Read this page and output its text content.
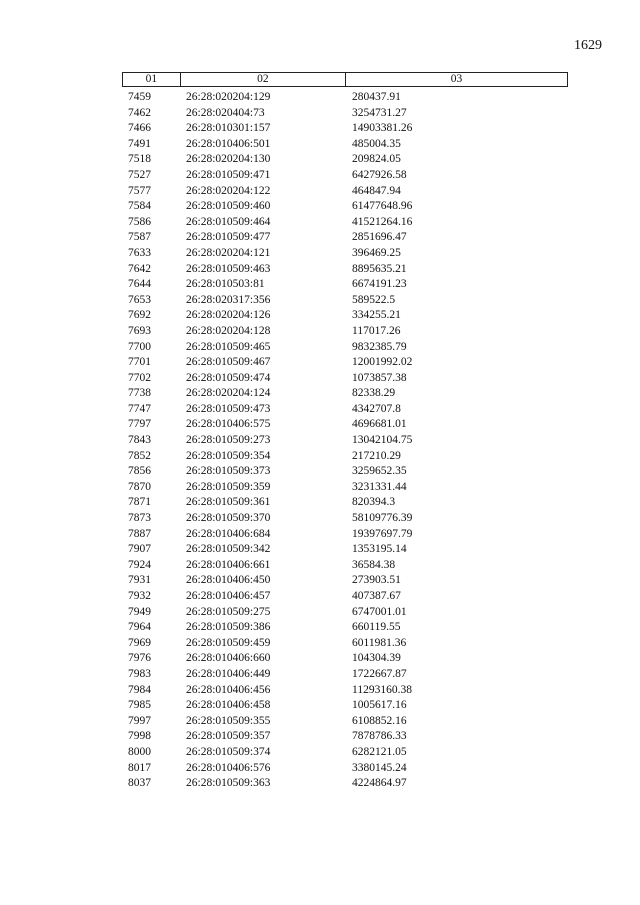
1629
01	02	03
7459	26:28:020204:129	280437.91
7462	26:28:020404:73	3254731.27
7466	26:28:010301:157	14903381.26
7491	26:28:010406:501	485004.35
7518	26:28:020204:130	209824.05
7527	26:28:010509:471	6427926.58
7577	26:28:020204:122	464847.94
7584	26:28:010509:460	61477648.96
7586	26:28:010509:464	41521264.16
7587	26:28:010509:477	2851696.47
7633	26:28:020204:121	396469.25
7642	26:28:010509:463	8895635.21
7644	26:28:010503:81	6674191.23
7653	26:28:020317:356	589522.5
7692	26:28:020204:126	334255.21
7693	26:28:020204:128	117017.26
7700	26:28:010509:465	9832385.79
7701	26:28:010509:467	12001992.02
7702	26:28:010509:474	1073857.38
7738	26:28:020204:124	82338.29
7747	26:28:010509:473	4342707.8
7797	26:28:010406:575	4696681.01
7843	26:28:010509:273	13042104.75
7852	26:28:010509:354	217210.29
7856	26:28:010509:373	3259652.35
7870	26:28:010509:359	3231331.44
7871	26:28:010509:361	820394.3
7873	26:28:010509:370	58109776.39
7887	26:28:010406:684	19397697.79
7907	26:28:010509:342	1353195.14
7924	26:28:010406:661	36584.38
7931	26:28:010406:450	273903.51
7932	26:28:010406:457	407387.67
7949	26:28:010509:275	6747001.01
7964	26:28:010509:386	660119.55
7969	26:28:010509:459	6011981.36
7976	26:28:010406:660	104304.39
7983	26:28:010406:449	1722667.87
7984	26:28:010406:456	11293160.38
7985	26:28:010406:458	1005617.16
7997	26:28:010509:355	6108852.16
7998	26:28:010509:357	7878786.33
8000	26:28:010509:374	6282121.05
8017	26:28:010406:576	3380145.24
8037	26:28:010509:363	4224864.97
